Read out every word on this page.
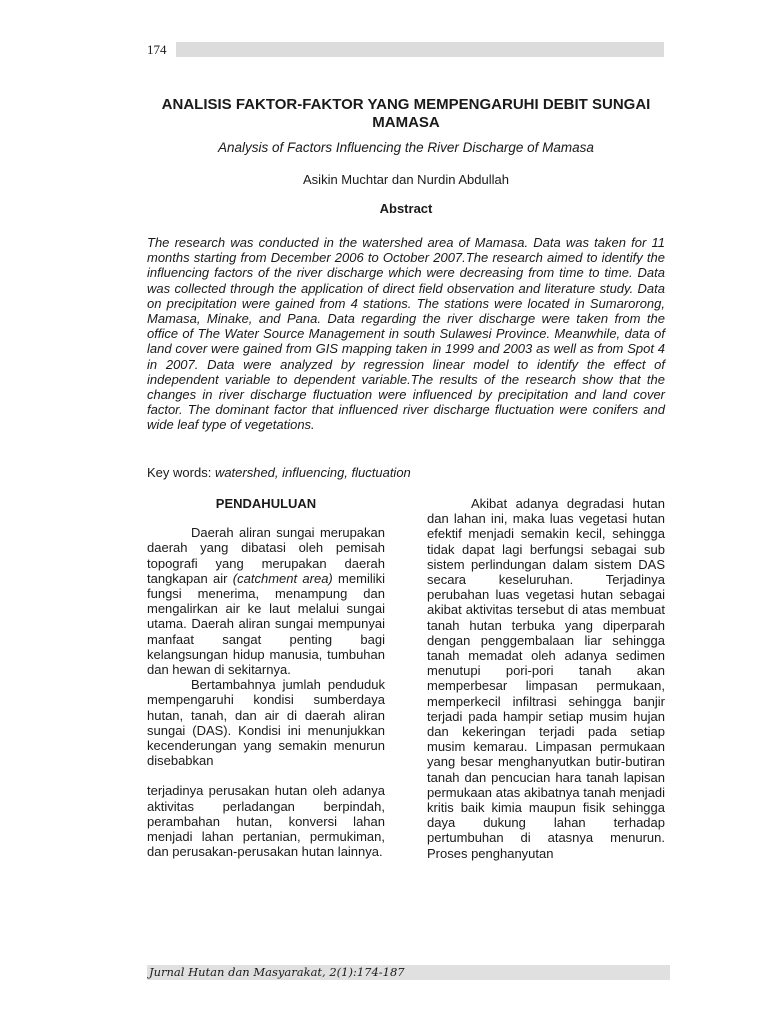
174
ANALISIS FAKTOR-FAKTOR YANG MEMPENGARUHI DEBIT SUNGAI MAMASA
Analysis of Factors Influencing the River Discharge of Mamasa
Asikin Muchtar dan Nurdin Abdullah
Abstract

The research was conducted in the watershed area of Mamasa. Data was taken for 11 months starting from December 2006 to October 2007.The research aimed to identify the influencing factors of the river discharge which were decreasing from time to time. Data was collected through the application of direct field observation and literature study. Data on precipitation were gained from 4 stations. The stations were located in Sumarorong, Mamasa, Minake, and Pana. Data regarding the river discharge were taken from the office of The Water Source Management in south Sulawesi Province. Meanwhile, data of land cover were gained from GIS mapping taken in 1999 and 2003 as well as from Spot 4 in 2007. Data were analyzed by regression linear model to identify the effect of independent variable to dependent variable.The results of the research show that the changes in river discharge fluctuation were influenced by precipitation and land cover factor. The dominant factor that influenced river discharge fluctuation were conifers and wide leaf type of vegetations.

Key words: watershed, influencing, fluctuation
PENDAHULUAN

Daerah aliran sungai merupakan daerah yang dibatasi oleh pemisah topografi yang merupakan daerah tangkapan air (catchment area) memiliki fungsi menerima, menampung dan mengalirkan air ke laut melalui sungai utama. Daerah aliran sungai mempunyai manfaat sangat penting bagi kelangsungan hidup manusia, tumbuhan dan hewan di sekitarnya.

Bertambahnya jumlah penduduk mempengaruhi kondisi sumberdaya hutan, tanah, dan air di daerah aliran sungai (DAS). Kondisi ini menunjukkan kecenderungan yang semakin menurun disebabkan

terjadinya perusakan hutan oleh adanya aktivitas perladangan berpindah, perambahan hutan, konversi lahan menjadi lahan pertanian, permukiman, dan perusakan-perusakan hutan lainnya.

Akibat adanya degradasi hutan dan lahan ini, maka luas vegetasi hutan efektif menjadi semakin kecil, sehingga tidak dapat lagi berfungsi sebagai sub sistem perlindungan dalam sistem DAS secara keseluruhan. Terjadinya perubahan luas vegetasi hutan sebagai akibat aktivitas tersebut di atas membuat tanah hutan terbuka yang diperparah dengan penggembalaan liar sehingga tanah memadat oleh adanya sedimen menutupi pori-pori tanah akan memperbesar limpasan permukaan, memperkecil infiltrasi sehingga banjir terjadi pada hampir setiap musim hujan dan kekeringan terjadi pada setiap musim kemarau. Limpasan permukaan yang besar menghanyutkan butir-butiran tanah dan pencucian hara tanah lapisan permukaan atas akibatnya tanah menjadi kritis baik kimia maupun fisik sehingga daya dukung lahan terhadap pertumbuhan di atasnya menurun. Proses penghanyutan

Jurnal Hutan dan Masyarakat, 2(1):174-187
